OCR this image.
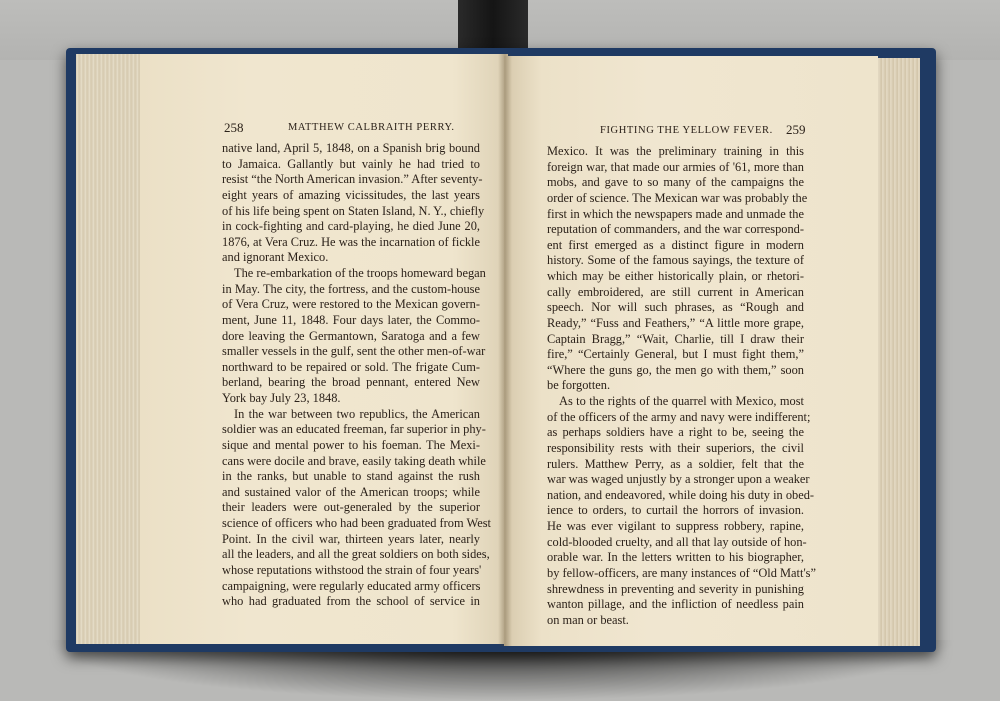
258	MATTHEW CALBRAITH PERRY.
native land, April 5, 1848, on a Spanish brig bound
to Jamaica. Gallantly but vainly he had tried to
resist “the North American invasion.” After seventy-
eight years of amazing vicissitudes, the last years
of his life being spent on Staten Island, N. Y., chiefly
in cock-fighting and card-playing, he died June 20,
1876, at Vera Cruz. He was the incarnation of fickle
and ignorant Mexico.
The re-embarkation of the troops homeward began
in May. The city, the fortress, and the custom-house
of Vera Cruz, were restored to the Mexican govern-
ment, June 11, 1848. Four days later, the Commo-
dore leaving the Germantown, Saratoga and a few
smaller vessels in the gulf, sent the other men-of-war
northward to be repaired or sold. The frigate Cum-
berland, bearing the broad pennant, entered New
York bay July 23, 1848.
In the war between two republics, the American
soldier was an educated freeman, far superior in phy-
sique and mental power to his foeman. The Mexi-
cans were docile and brave, easily taking death while
in the ranks, but unable to stand against the rush
and sustained valor of the American troops; while
their leaders were out-generaled by the superior
science of officers who had been graduated from West
Point. In the civil war, thirteen years later, nearly
all the leaders, and all the great soldiers on both sides,
whose reputations withstood the strain of four years'
campaigning, were regularly educated army officers
who had graduated from the school of service in
FIGHTING THE YELLOW FEVER. 259
Mexico. It was the preliminary training in this
foreign war, that made our armies of '61, more than
mobs, and gave to so many of the campaigns the
order of science. The Mexican war was probably the
first in which the newspapers made and unmade the
reputation of commanders, and the war correspond-
ent first emerged as a distinct figure in modern
history. Some of the famous sayings, the texture of
which may be either historically plain, or rhetori-
cally embroidered, are still current in American
speech. Nor will such phrases, as “Rough and
Ready,” “Fuss and Feathers,” “A little more grape,
Captain Bragg,” “Wait, Charlie, till I draw their
fire,” “Certainly General, but I must fight them,”
“Where the guns go, the men go with them,” soon
be forgotten.
As to the rights of the quarrel with Mexico, most
of the officers of the army and navy were indifferent;
as perhaps soldiers have a right to be, seeing the
responsibility rests with their superiors, the civil
rulers. Matthew Perry, as a soldier, felt that the
war was waged unjustly by a stronger upon a weaker
nation, and endeavored, while doing his duty in obed-
ience to orders, to curtail the horrors of invasion.
He was ever vigilant to suppress robbery, rapine,
cold-blooded cruelty, and all that lay outside of hon-
orable war. In the letters written to his biographer,
by fellow-officers, are many instances of “Old Matt's”
shrewdness in preventing and severity in punishing
wanton pillage, and the infliction of needless pain
on man or beast.
